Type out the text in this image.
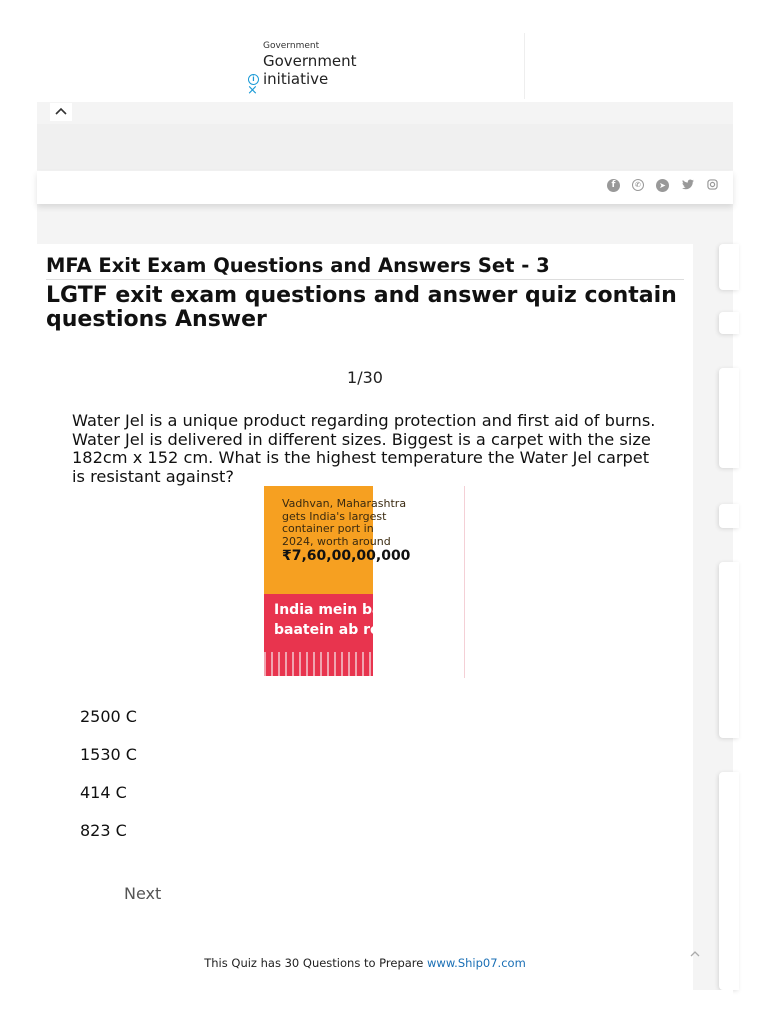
Government
Government
initiative
i
×
f	✆	➤
MFA Exit Exam Questions and Answers Set - 3
LGTF exit exam questions and answer quiz contain questions Answer
1/30
Water Jel is a unique product regarding protection and first aid of burns. Water Jel is delivered in different sizes. Biggest is a carpet with the size 182cm x 152 cm. What is the highest temperature the Water Jel carpet is resistant against?
Vadhvan, Maharashtra
gets India's largest
container port in
2024, worth around
₹7,60,00,00,000
India mein badi
baatein ab roz
2500 C
1530 C
414 C
823 C
Next
This Quiz has 30 Questions to Prepare www.Ship07.com
